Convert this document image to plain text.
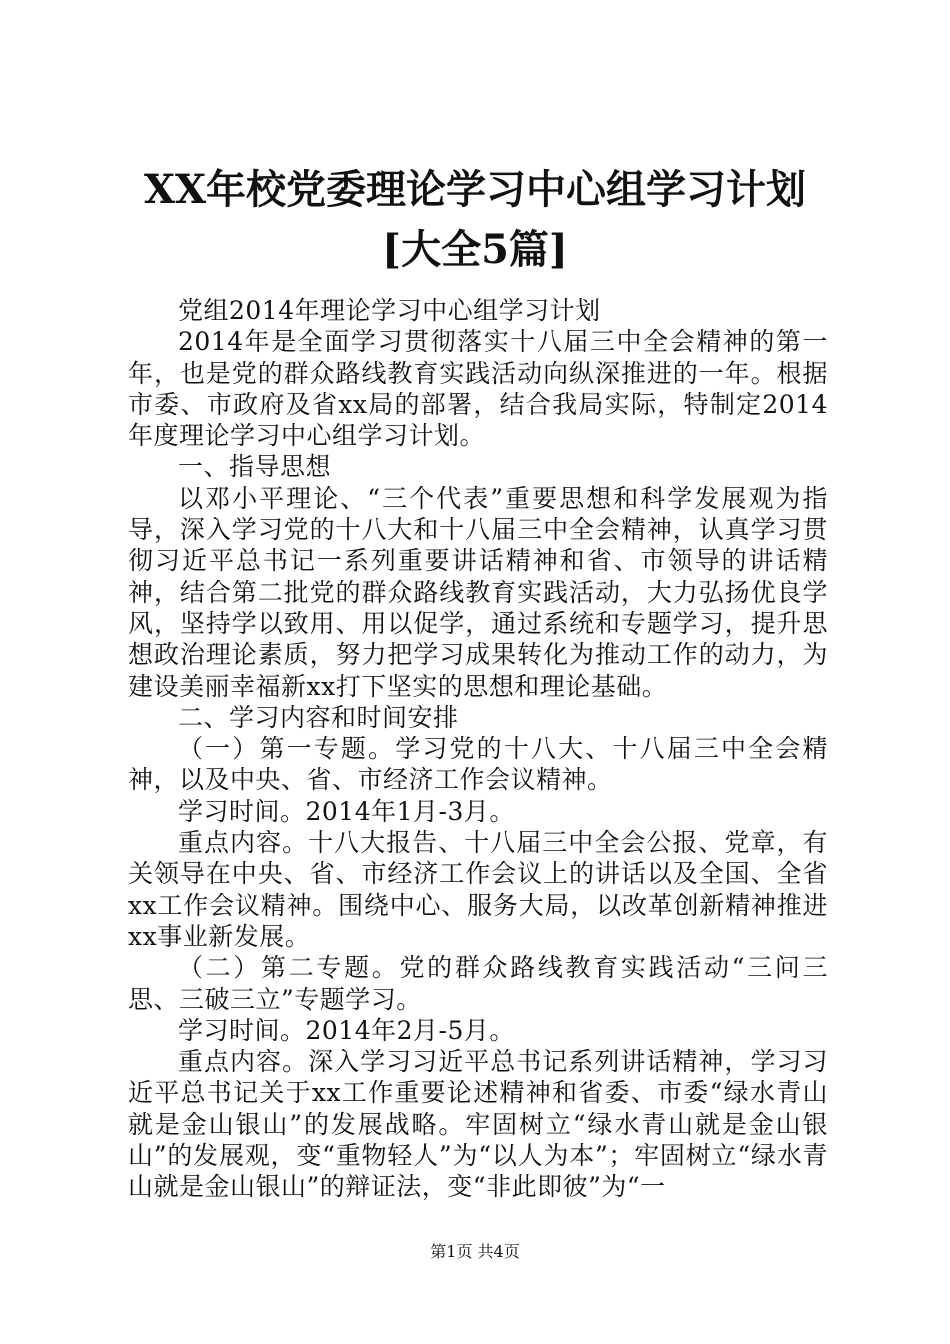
XX年校党委理论学习中心组学习计划[大全5篇]

党组2014年理论学习中心组学习计划

2014年是全面学习贯彻落实十八届三中全会精神的第一年，也是党的群众路线教育实践活动向纵深推进的一年。根据市委、市政府及省xx局的部署，结合我局实际，特制定2014年度理论学习中心组学习计划。

一、指导思想

以邓小平理论、“三个代表”重要思想和科学发展观为指导，深入学习党的十八大和十八届三中全会精神，认真学习贯彻习近平总书记一系列重要讲话精神和省、市领导的讲话精神，结合第二批党的群众路线教育实践活动，大力弘扬优良学风，坚持学以致用、用以促学，通过系统和专题学习，提升思想政治理论素质，努力把学习成果转化为推动工作的动力，为建设美丽幸福新xx打下坚实的思想和理论基础。

二、学习内容和时间安排

（一）第一专题。学习党的十八大、十八届三中全会精神，以及中央、省、市经济工作会议精神。

学习时间。2014年1月-3月。

重点内容。十八大报告、十八届三中全会公报、党章，有关领导在中央、省、市经济工作会议上的讲话以及全国、全省xx工作会议精神。围绕中心、服务大局，以改革创新精神推进xx事业新发展。

（二）第二专题。党的群众路线教育实践活动“三问三思、三破三立”专题学习。

学习时间。2014年2月-5月。

重点内容。深入学习习近平总书记系列讲话精神，学习习近平总书记关于xx工作重要论述精神和省委、市委“绿水青山就是金山银山”的发展战略。牢固树立“绿水青山就是金山银山”的发展观，变“重物轻人”为“以人为本”；牢固树立“绿水青山就是金山银山”的辩证法，变“非此即彼”为“一

第1页 共4页
